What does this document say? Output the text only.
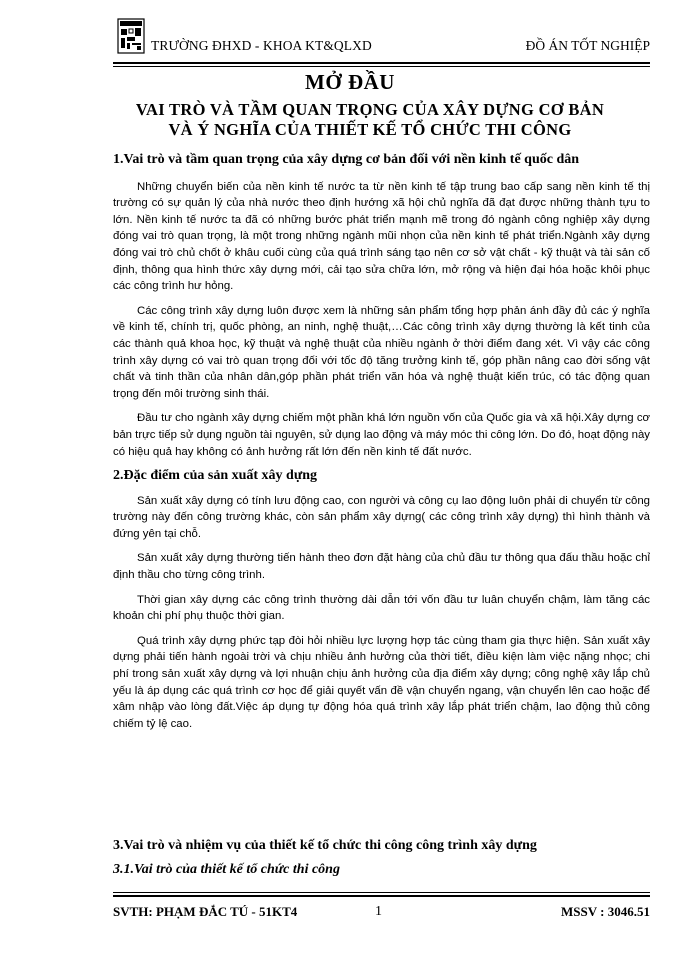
TRƯỜNG ĐHXD - KHOA KT&QLXD	ĐỒ ÁN TỐT NGHIỆP
MỞ ĐẦU
VAI TRÒ VÀ TẦM QUAN TRỌNG CỦA XÂY DỰNG CƠ BẢN
VÀ Ý NGHĨA CỦA THIẾT KẾ TỔ CHỨC THI CÔNG
1.Vai trò và tầm quan trọng của xây dựng cơ bản đối với nền kinh tế quốc dân

Những chuyển biến của nền kinh tế nước ta từ nền kinh tế tập trung bao cấp sang nền kinh tế thị trường có sự quản lý của nhà nước theo định hướng xã hội chủ nghĩa đã đạt được những thành tựu to lớn. Nền kinh tế nước ta đã có những bước phát triển mạnh mẽ trong đó ngành công nghiệp xây dựng đóng vai trò quan trọng, là một trong những ngành mũi nhọn của nền kinh tế phát triển.Ngành xây dựng đóng vai trò chủ chốt ở khâu cuối cùng của quá trình sáng tạo nên cơ sở vật chất - kỹ thuật và tài sản cố định, thông qua hình thức xây dựng mới, cải tạo sửa chữa lớn, mở rộng và hiện đại hóa hoặc khôi phục các công trình hư hỏng.

Các công trình xây dựng luôn được xem là những sản phẩm tổng hợp phản ánh đầy đủ các ý nghĩa về kinh tế, chính trị, quốc phòng, an ninh, nghệ thuật,…Các công trình xây dựng thường là kết tinh của các thành quả khoa học, kỹ thuật và nghệ thuật của nhiều ngành ở thời điểm đang xét. Vì vậy các công trình xây dựng có vai trò quan trọng đối với tốc độ tăng trưởng kinh tế, góp phần nâng cao đời sống vật chất và tinh thần của nhân dân,góp phần phát triển văn hóa và nghệ thuật kiến trúc, có tác động quan trọng đến môi trường sinh thái.

Đầu tư cho ngành xây dựng chiếm một phần khá lớn nguồn vốn của Quốc gia và xã hội.Xây dựng cơ bản trực tiếp sử dụng nguồn tài nguyên, sử dụng lao động và máy móc thi công lớn. Do đó, hoạt động này có hiệu quả hay không có ảnh hưởng rất lớn đến nền kinh tế đất nước.

2.Đặc điểm của sản xuất xây dựng

Sản xuất xây dựng có tính lưu động cao, con người và công cụ lao động luôn phải di chuyển từ công trường này đến công trường khác, còn sản phẩm xây dựng( các công trình xây dựng) thì hình thành và đứng yên tại chỗ.

Sản xuất xây dựng thường tiến hành theo đơn đặt hàng của chủ đầu tư thông qua đấu thầu hoặc chỉ định thầu cho từng công trình.

Thời gian xây dựng các công trình thường dài dẫn tới vốn đầu tư luân chuyển chậm, làm tăng các khoản chi phí phụ thuộc thời gian.

Quá trình xây dựng phức tạp đòi hỏi nhiều lực lượng hợp tác cùng tham gia thực hiện. Sản xuất xây dựng phải tiến hành ngoài trời và chịu nhiều ảnh hưởng của thời tiết, điều kiện làm việc nặng nhọc; chi phí trong sản xuất xây dựng và lợi nhuận chịu ảnh hưởng của địa điểm xây dựng; công nghệ xây lắp chủ yếu là áp dụng các quá trình cơ học để giải quyết vấn đề vận chuyển ngang, vận chuyển lên cao hoặc để xâm nhập vào lòng đất.Việc áp dụng tự động hóa quá trình xây lắp phát triển chậm, lao động thủ công chiếm tỷ lệ cao.

3.Vai trò và nhiệm vụ của thiết kế tổ chức thi công công trình xây dựng
3.1.Vai trò của thiết kế tổ chức thi công
SVTH: PHẠM ĐẮC TÚ - 51KT4	1	MSSV : 3046.51
